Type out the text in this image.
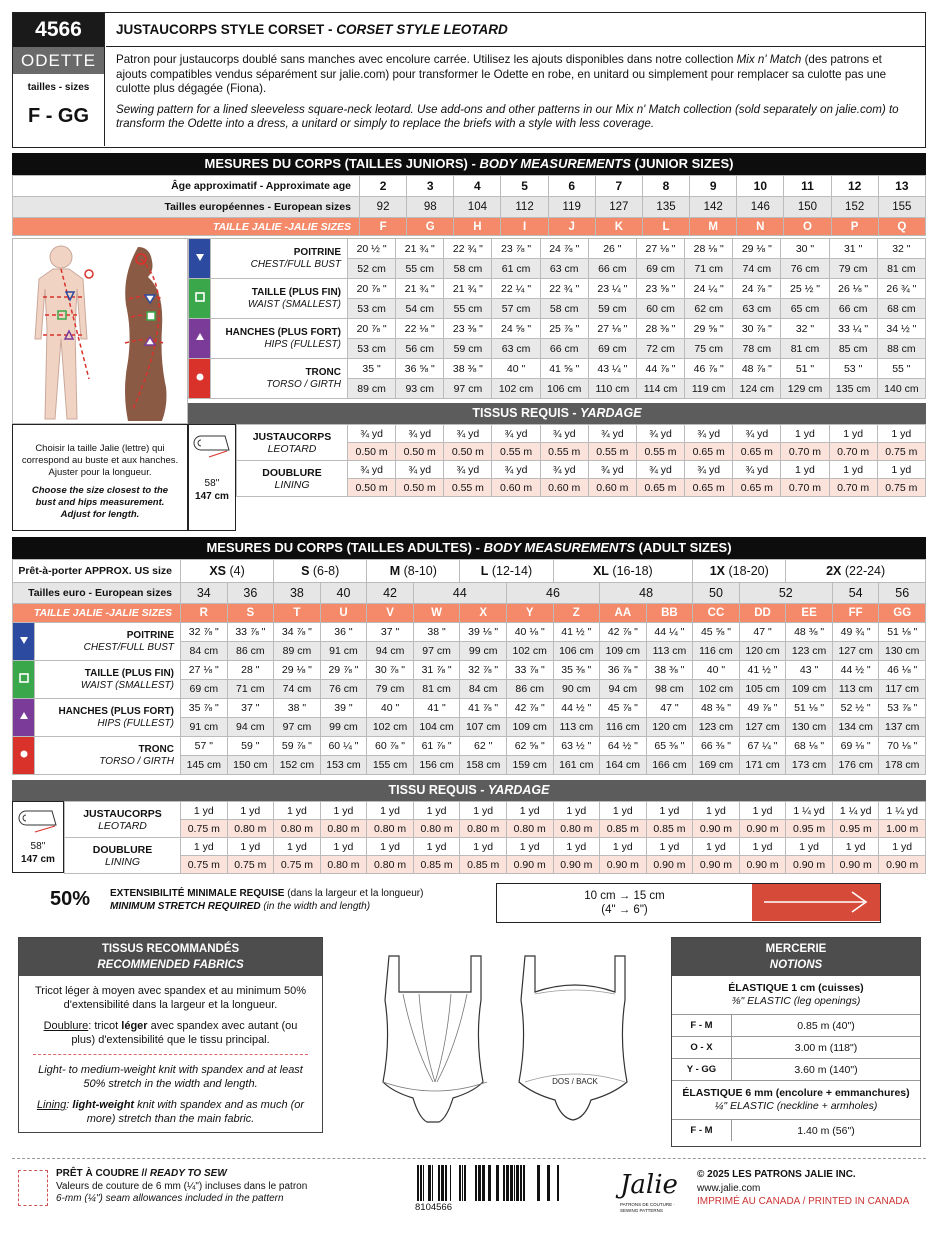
4566
ODETTE
tailles - sizes
F - GG
JUSTAUCORPS STYLE CORSET - CORSET STYLE LEOTARD

Patron pour justaucorps doublé sans manches avec encolure carrée. Utilisez les ajouts disponibles dans notre collection Mix n' Match (des patrons et ajouts compatibles vendus séparément sur jalie.com) pour transformer le Odette en robe, en unitard ou simplement pour remplacer sa culotte pas une culotte plus dégagée (Fiona).

Sewing pattern for a lined sleeveless square-neck leotard. Use add-ons and other patterns in our Mix n' Match collection (sold separately on jalie.com) to transform the Odette into a dress, a unitard or simply to replace the briefs with a style with less coverage.

MESURES DU CORPS (TAILLES JUNIORS) - BODY MEASUREMENTS (JUNIOR SIZES)
Âge approximatif - Approximate age	2	3	4	5	6	7	8	9	10	11	12	13
Tailles européennes - European sizes	92	98	104	112	119	127	135	142	146	150	152	155
TAILLE JALIE -JALIE SIZES	F	G	H	I	J	K	L	M	N	O	P	Q

POITRINE
CHEST/FULL BUST	20 ½ "	21 ¾ "	22 ¾ "	23 ⅞ "	24 ⅞ "	26 "	27 ⅛ "	28 ⅛ "	29 ⅛ "	30 "	31 "	32 "
		52 cm	55 cm	58 cm	61 cm	63 cm	66 cm	69 cm	71 cm	74 cm	76 cm	79 cm	81 cm

TAILLE (PLUS FIN)
WAIST (SMALLEST)	20 ⅞ "	21 ¾ "	21 ¾ "	22 ¼ "	22 ¾ "	23 ¼ "	23 ⅝ "	24 ¼ "	24 ⅞ "	25 ½ "	26 ⅛ "	26 ¾ "
		53 cm	54 cm	55 cm	57 cm	58 cm	59 cm	60 cm	62 cm	63 cm	65 cm	66 cm	68 cm

HANCHES (PLUS FORT)
HIPS (FULLEST)	20 ⅞ "	22 ⅛ "	23 ⅜ "	24 ⅝ "	25 ⅞ "	27 ⅛ "	28 ⅜ "	29 ⅝ "	30 ⅞ "	32 "	33 ¼ "	34 ½ "
		53 cm	56 cm	59 cm	63 cm	66 cm	69 cm	72 cm	75 cm	78 cm	81 cm	85 cm	88 cm

TRONC
TORSO / GIRTH	35 "	36 ⅝ "	38 ⅜ "	40 "	41 ⅝ "	43 ¼ "	44 ⅞ "	46 ⅞ "	48 ⅞ "	51 "	53 "	55 "
		89 cm	93 cm	97 cm	102 cm	106 cm	110 cm	114 cm	119 cm	124 cm	129 cm	135 cm	140 cm
TISSUS REQUIS - YARDAGE
Choisir la taille Jalie (lettre) qui correspond au buste et aux hanches. Ajuster pour la longueur.
Choose the size closest to the bust and hips measurement. Adjust for length.
58''
147 cm
JUSTAUCORPS
LEOTARD	¾ yd	¾ yd	¾ yd	¾ yd	¾ yd	¾ yd	¾ yd	¾ yd	¾ yd	1 yd	1 yd	1 yd
	0.50 m	0.50 m	0.50 m	0.55 m	0.55 m	0.55 m	0.55 m	0.65 m	0.65 m	0.70 m	0.70 m	0.75 m

DOUBLURE
LINING	¾ yd	¾ yd	¾ yd	¾ yd	¾ yd	¾ yd	¾ yd	¾ yd	¾ yd	1 yd	1 yd	1 yd
	0.50 m	0.50 m	0.55 m	0.60 m	0.60 m	0.60 m	0.65 m	0.65 m	0.65 m	0.70 m	0.70 m	0.75 m
MESURES DU CORPS (TAILLES ADULTES) - BODY MEASUREMENTS (ADULT SIZES)
Prêt-à-porter APPROX. US size		XS (4)		S (6-8)		M (8-10)		L (12-14)		XL (16-18)			1X (18-20)		2X (22-24)		
Tailles euro - European sizes		34	36	38	40	42	44		46		48		50	52		54	56
TAILLE JALIE -JALIE SIZES		R	S	T	U	V	W	X	Y	Z	AA	BB	CC	DD	EE	FF	GG

POITRINE
CHEST/FULL BUST	32 ⅞ "	33 ⅞ "	34 ⅞ "	36 "	37 "	38 "	39 ⅛ "	40 ⅛ "	41 ½ "	42 ⅞ "	44 ¼ "	45 ⅝ "	47 "	48 ⅜ "	49 ¾ "	51 ⅛ "
		84 cm	86 cm	89 cm	91 cm	94 cm	97 cm	99 cm	102 cm	106 cm	109 cm	113 cm	116 cm	120 cm	123 cm	127 cm	130 cm

TAILLE (PLUS FIN)
WAIST (SMALLEST)	27 ⅛ "	28 "	29 ⅛ "	29 ⅞ "	30 ⅞ "	31 ⅞ "	32 ⅞ "	33 ⅞ "	35 ⅜ "	36 ⅞ "	38 ⅜ "	40 "	41 ½ "	43 "	44 ½ "	46 ⅛ "
		69 cm	71 cm	74 cm	76 cm	79 cm	81 cm	84 cm	86 cm	90 cm	94 cm	98 cm	102 cm	105 cm	109 cm	113 cm	117 cm

HANCHES (PLUS FORT)
HIPS (FULLEST)	35 ⅞ "	37 "	38 "	39 "	40 "	41 "	41 ⅞ "	42 ⅞ "	44 ½ "	45 ⅞ "	47 "	48 ⅜ "	49 ⅞ "	51 ⅛ "	52 ½ "	53 ⅞ "
		91 cm	94 cm	97 cm	99 cm	102 cm	104 cm	107 cm	109 cm	113 cm	116 cm	120 cm	123 cm	127 cm	130 cm	134 cm	137 cm

TRONC
TORSO / GIRTH	57 "	59 "	59 ⅞ "	60 ¼ "	60 ⅞ "	61 ⅞ "	62 "	62 ⅝ "	63 ½ "	64 ½ "	65 ⅜ "	66 ⅜ "	67 ¼ "	68 ⅛ "	69 ⅛ "	70 ⅛ "
		145 cm	150 cm	152 cm	153 cm	155 cm	156 cm	158 cm	159 cm	161 cm	164 cm	166 cm	169 cm	171 cm	173 cm	176 cm	178 cm
TISSU REQUIS - YARDAGE
58''
147 cm
JUSTAUCORPS
LEOTARD	1 yd	1 yd	1 yd	1 yd	1 yd	1 yd	1 yd	1 yd	1 yd	1 yd	1 yd	1 yd	1 yd	1 ¼ yd	1 ¼ yd	1 ¼ yd
	0.75 m	0.80 m	0.80 m	0.80 m	0.80 m	0.80 m	0.80 m	0.80 m	0.80 m	0.85 m	0.85 m	0.90 m	0.90 m	0.95 m	0.95 m	1.00 m

DOUBLURE
LINING	1 yd	1 yd	1 yd	1 yd	1 yd	1 yd	1 yd	1 yd	1 yd	1 yd	1 yd	1 yd	1 yd	1 yd	1 yd	1 yd
	0.75 m	0.75 m	0.75 m	0.80 m	0.80 m	0.85 m	0.85 m	0.90 m	0.90 m	0.90 m	0.90 m	0.90 m	0.90 m	0.90 m	0.90 m	0.90 m
50% EXTENSIBILITÉ MINIMALE REQUISE (dans la largeur et la longueur)
MINIMUM STRETCH REQUIRED (in the width and length)
10 cm → 15 cm
(4" → 6")
TISSUS RECOMMANDÉS
RECOMMENDED FABRICS

Tricot léger à moyen avec spandex et au minimum 50% d'extensibilité dans la largeur et la longueur.

Doublure: tricot léger avec spandex avec autant (ou plus) d'extensibilité que le tissu principal.

Light- to medium-weight knit with spandex and at least 50% stretch in the width and length.

Lining: light-weight knit with spandex and as much (or more) stretch than the main fabric.

DOS / BACK
MERCERIE
NOTIONS
ÉLASTIQUE 1 cm (cuisses)
⅜" ELASTIC (leg openings)
F - M	0.85 m (40")
O - X	3.00 m (118")
Y - GG	3.60 m (140")
ÉLASTIQUE 6 mm (encolure + emmanchures)
¼" ELASTIC (neckline + armholes)
F - M	1.40 m (56")
PRÊT À COUDRE // READY TO SEW
Valeurs de couture de 6 mm (¼") incluses dans le patron
6-mm (¼") seam allowances included in the pattern
8104566
Jalie
PATRONS DE COUTURE · SEWING PATTERNS
© 2025 LES PATRONS JALIE INC.
www.jalie.com
IMPRIMÉ AU CANADA / PRINTED IN CANADA
